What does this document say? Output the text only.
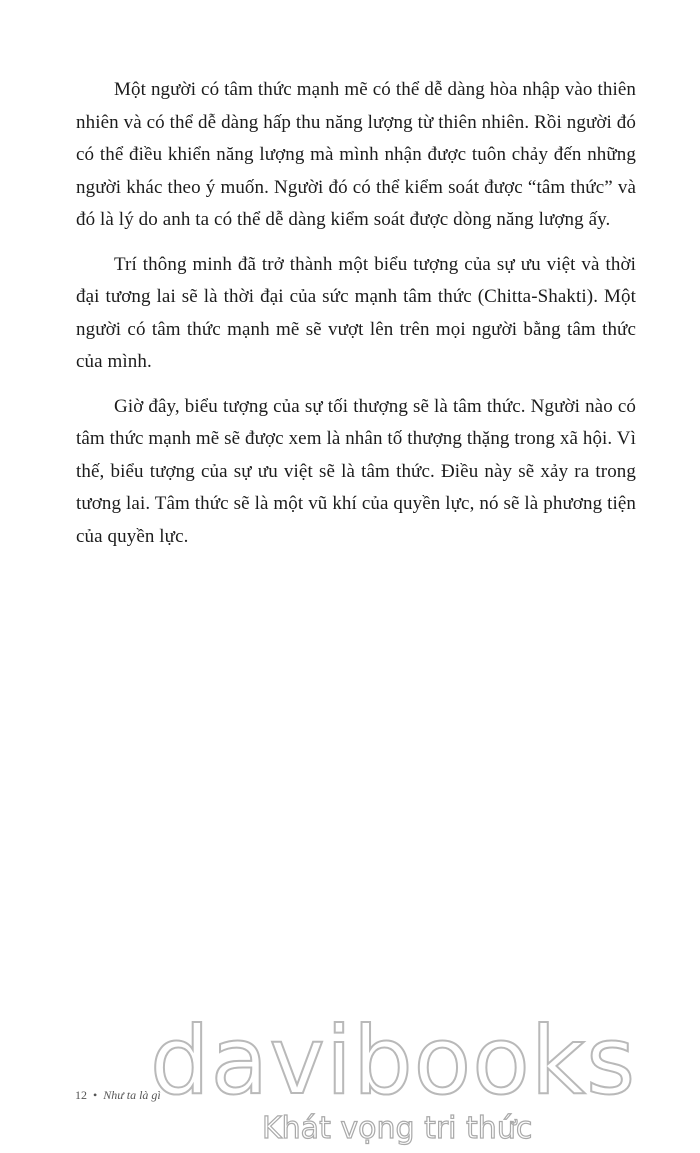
Một người có tâm thức mạnh mẽ có thể dễ dàng hòa nhập vào thiên nhiên và có thể dễ dàng hấp thu năng lượng từ thiên nhiên. Rồi người đó có thể điều khiển năng lượng mà mình nhận được tuôn chảy đến những người khác theo ý muốn. Người đó có thể kiểm soát được “tâm thức” và đó là lý do anh ta có thể dễ dàng kiểm soát được dòng năng lượng ấy.

Trí thông minh đã trở thành một biểu tượng của sự ưu việt và thời đại tương lai sẽ là thời đại của sức mạnh tâm thức (Chitta-Shakti). Một người có tâm thức mạnh mẽ sẽ vượt lên trên mọi người bằng tâm thức của mình.

Giờ đây, biểu tượng của sự tối thượng sẽ là tâm thức. Người nào có tâm thức mạnh mẽ sẽ được xem là nhân tố thượng thặng trong xã hội. Vì thế, biểu tượng của sự ưu việt sẽ là tâm thức. Điều này sẽ xảy ra trong tương lai. Tâm thức sẽ là một vũ khí của quyền lực, nó sẽ là phương tiện của quyền lực.

12 • Như ta là gì
davibooks
Khát vọng tri thức
